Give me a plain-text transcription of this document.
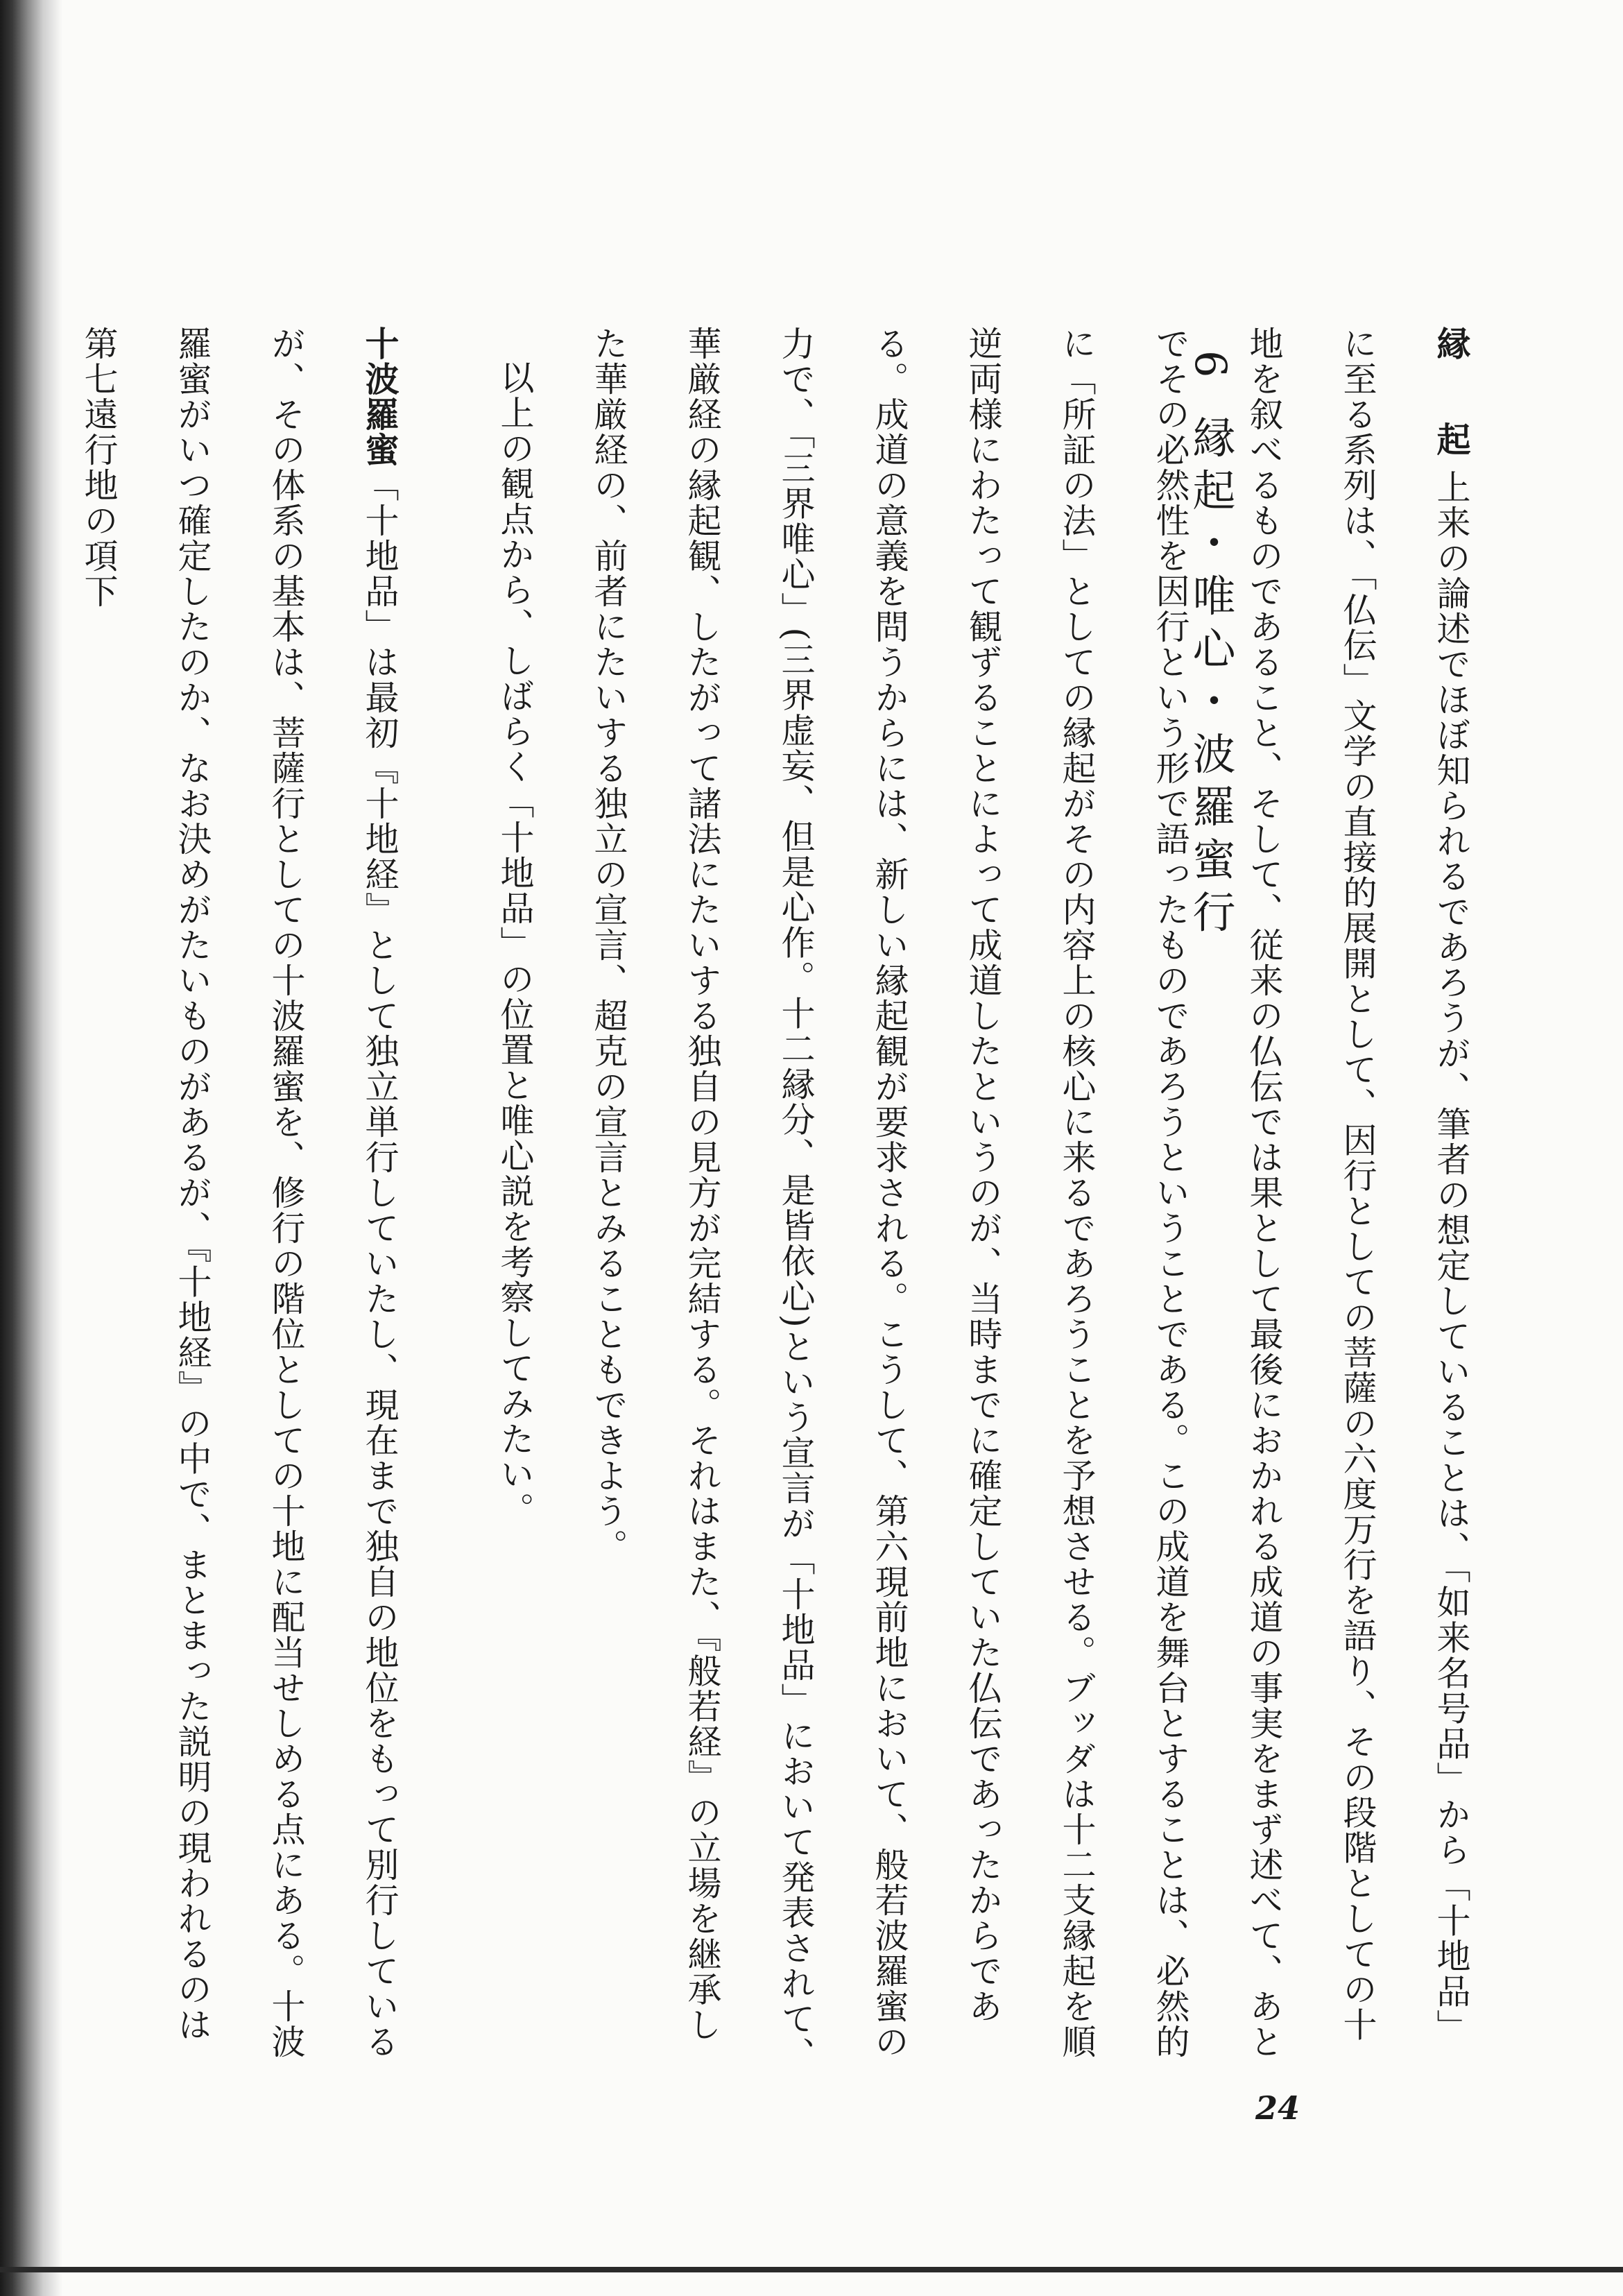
6縁起・唯心・波羅蜜行

縁　起上来の論述でほぼ知られるであろうが、筆者の想定していることは、「如来名号品」から「十地品」に至る系列は、「仏伝」文学の直接的展開として、因行としての菩薩の六度万行を語り、その段階としての十地を叙べるものであること、そして、従来の仏伝では果として最後におかれる成道の事実をまず述べて、あとでその必然性を因行という形で語ったものであろうということである。この成道を舞台とすることは、必然的に「所証の法」としての縁起がその内容上の核心に来るであろうことを予想させる。ブッダは十二支縁起を順逆両様にわたって観ずることによって成道したというのが、当時までに確定していた仏伝であったからである。成道の意義を問うからには、新しい縁起観が要求される。こうして、第六現前地において、般若波羅蜜の力で、「三界唯心」(三界虚妄、但是心作。十二縁分、是皆依心)という宣言が「十地品」において発表されて、華厳経の縁起観、したがって諸法にたいする独自の見方が完結する。それはまた、『般若経』の立場を継承した華厳経の、前者にたいする独立の宣言、超克の宣言とみることもできよう。

以上の観点から、しばらく「十地品」の位置と唯心説を考察してみたい。

十波羅蜜「十地品」は最初『十地経』として独立単行していたし、現在まで独自の地位をもって別行しているが、その体系の基本は、菩薩行としての十波羅蜜を、修行の階位としての十地に配当せしめる点にある。十波羅蜜がいつ確定したのか、なお決めがたいものがあるが、『十地経』の中で、まとまった説明の現われるのは第七遠行地の項下

24
